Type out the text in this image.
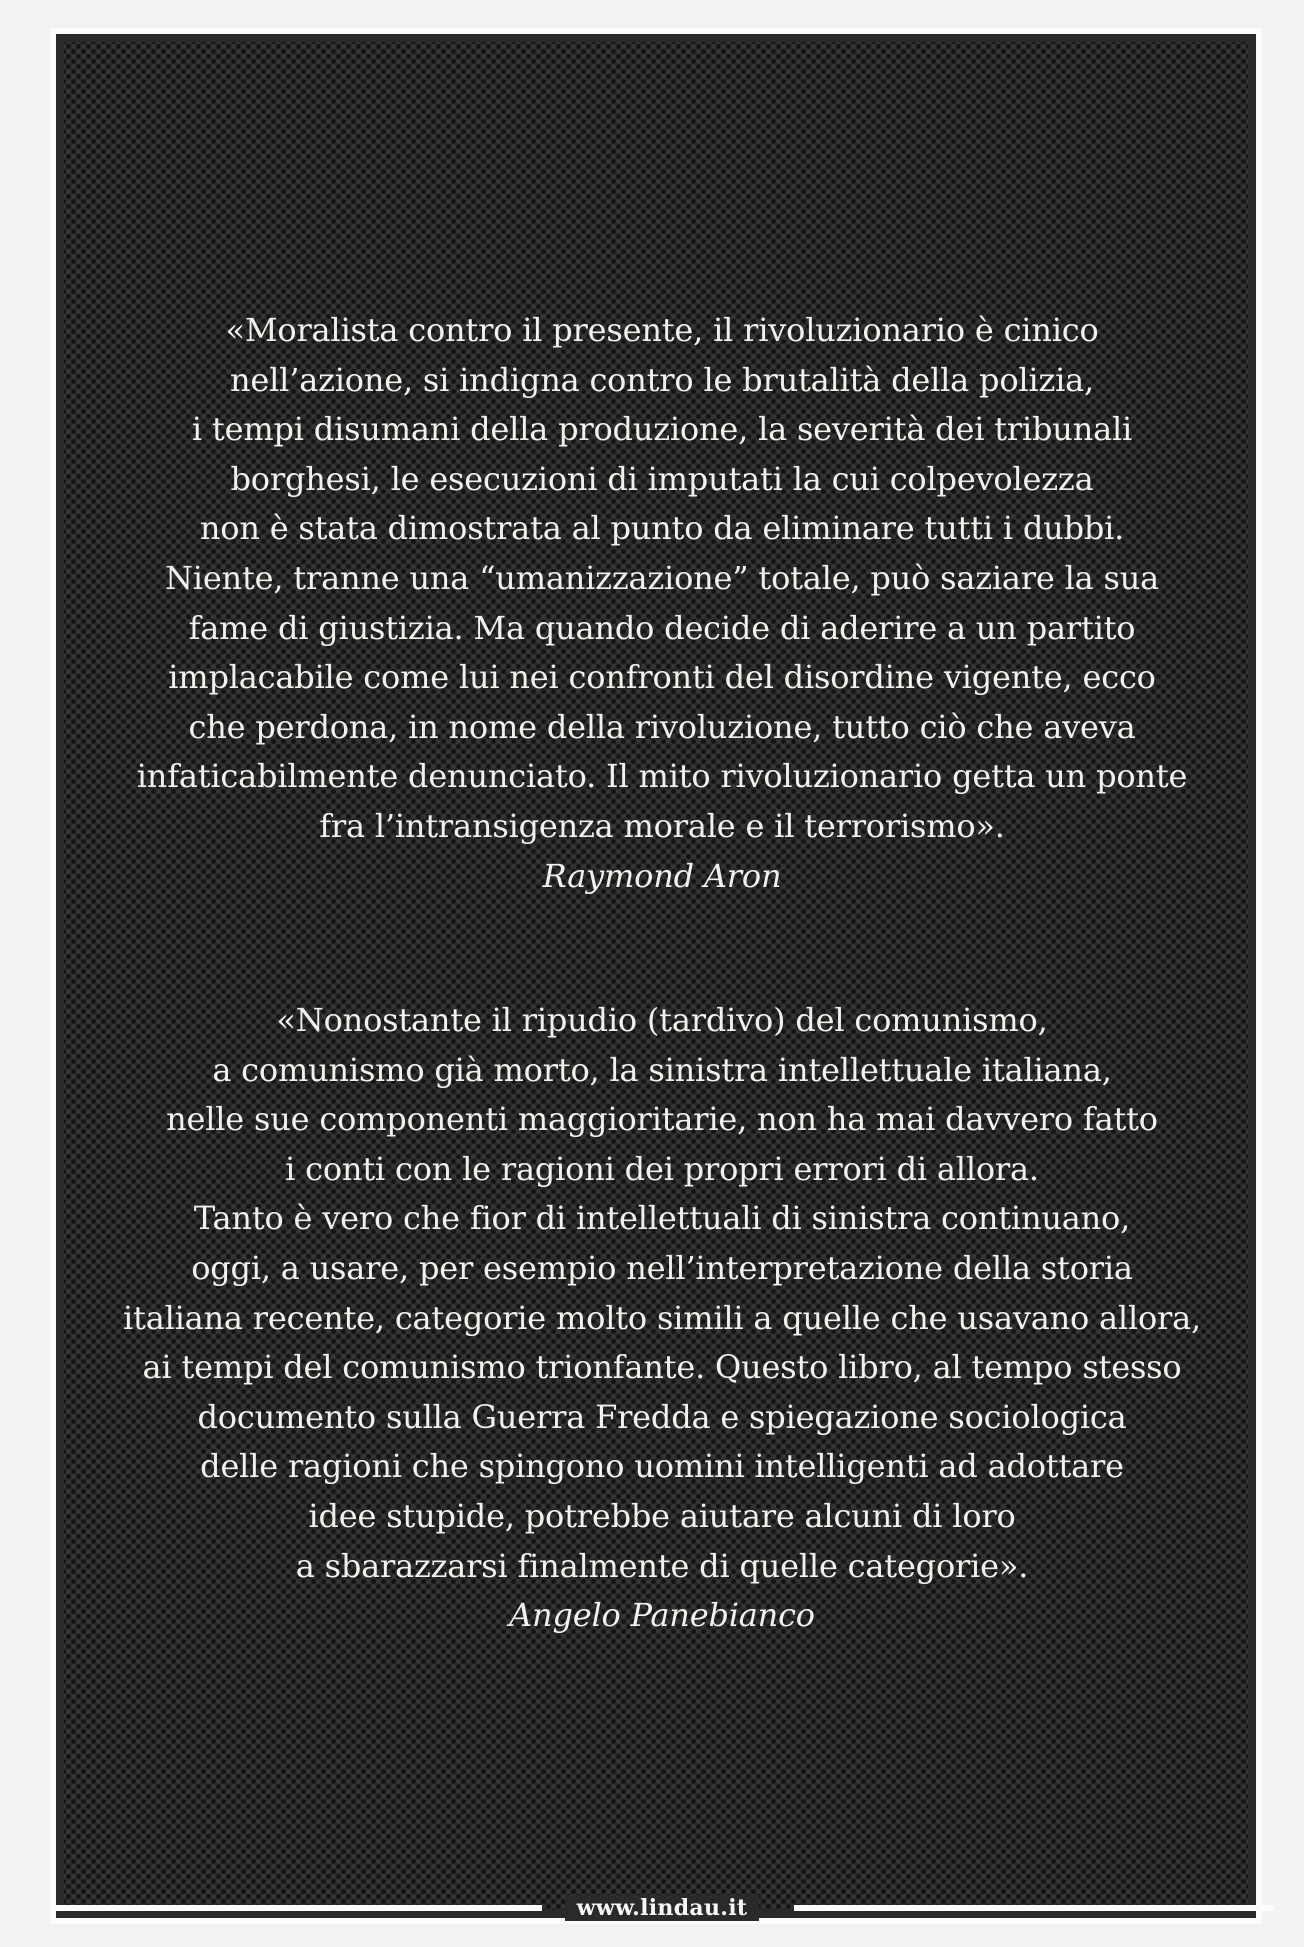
«Moralista contro il presente, il rivoluzionario è cinico
nell’azione, si indigna contro le brutalità della polizia,
i tempi disumani della produzione, la severità dei tribunali
borghesi, le esecuzioni di imputati la cui colpevolezza
non è stata dimostrata al punto da eliminare tutti i dubbi.
Niente, tranne una “umanizzazione” totale, può saziare la sua
fame di giustizia. Ma quando decide di aderire a un partito
implacabile come lui nei confronti del disordine vigente, ecco
che perdona, in nome della rivoluzione, tutto ciò che aveva
infaticabilmente denunciato. Il mito rivoluzionario getta un ponte
fra l’intransigenza morale e il terrorismo».
Raymond Aron
«Nonostante il ripudio (tardivo) del comunismo,
a comunismo già morto, la sinistra intellettuale italiana,
nelle sue componenti maggioritarie, non ha mai davvero fatto
i conti con le ragioni dei propri errori di allora.
Tanto è vero che fior di intellettuali di sinistra continuano,
oggi, a usare, per esempio nell’interpretazione della storia
italiana recente, categorie molto simili a quelle che usavano allora,
ai tempi del comunismo trionfante. Questo libro, al tempo stesso
documento sulla Guerra Fredda e spiegazione sociologica
delle ragioni che spingono uomini intelligenti ad adottare
idee stupide, potrebbe aiutare alcuni di loro
a sbarazzarsi finalmente di quelle categorie».
Angelo Panebianco
www.lindau.it
